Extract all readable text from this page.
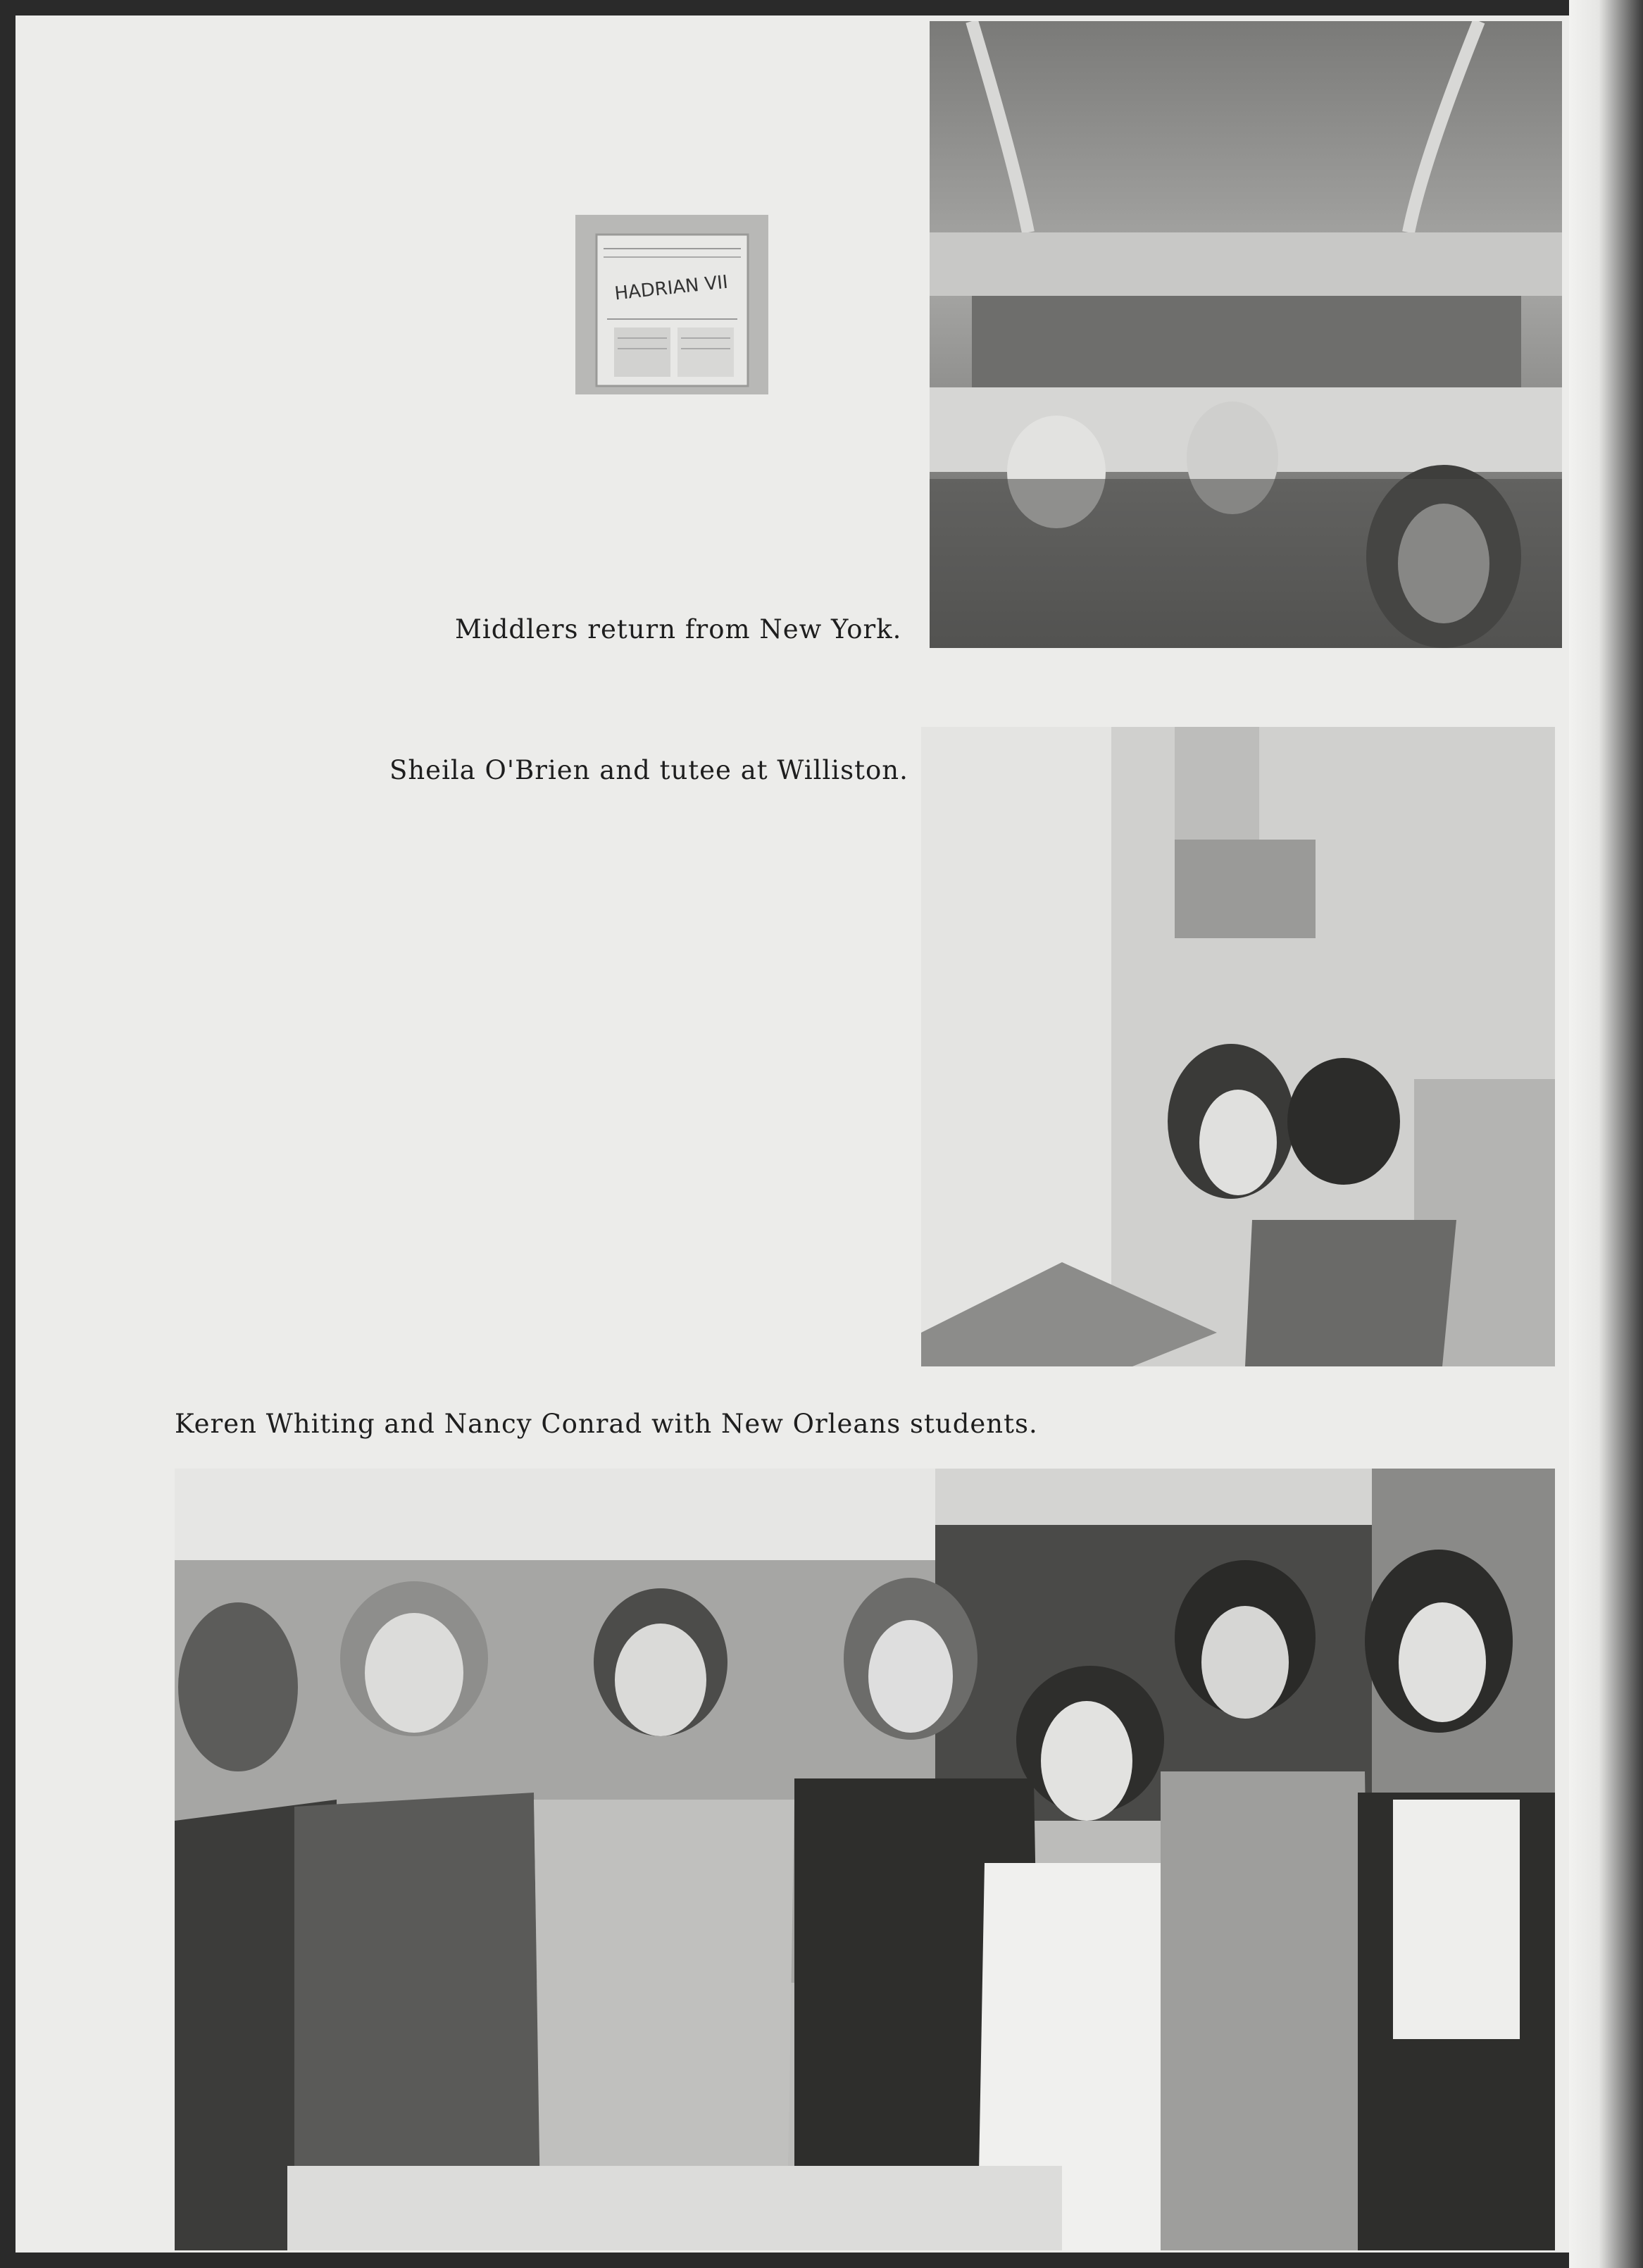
HADRIAN VII
Middlers return from New York.
Sheila O'Brien and tutee at Williston.
Keren Whiting and Nancy Conrad with New Orleans students.
